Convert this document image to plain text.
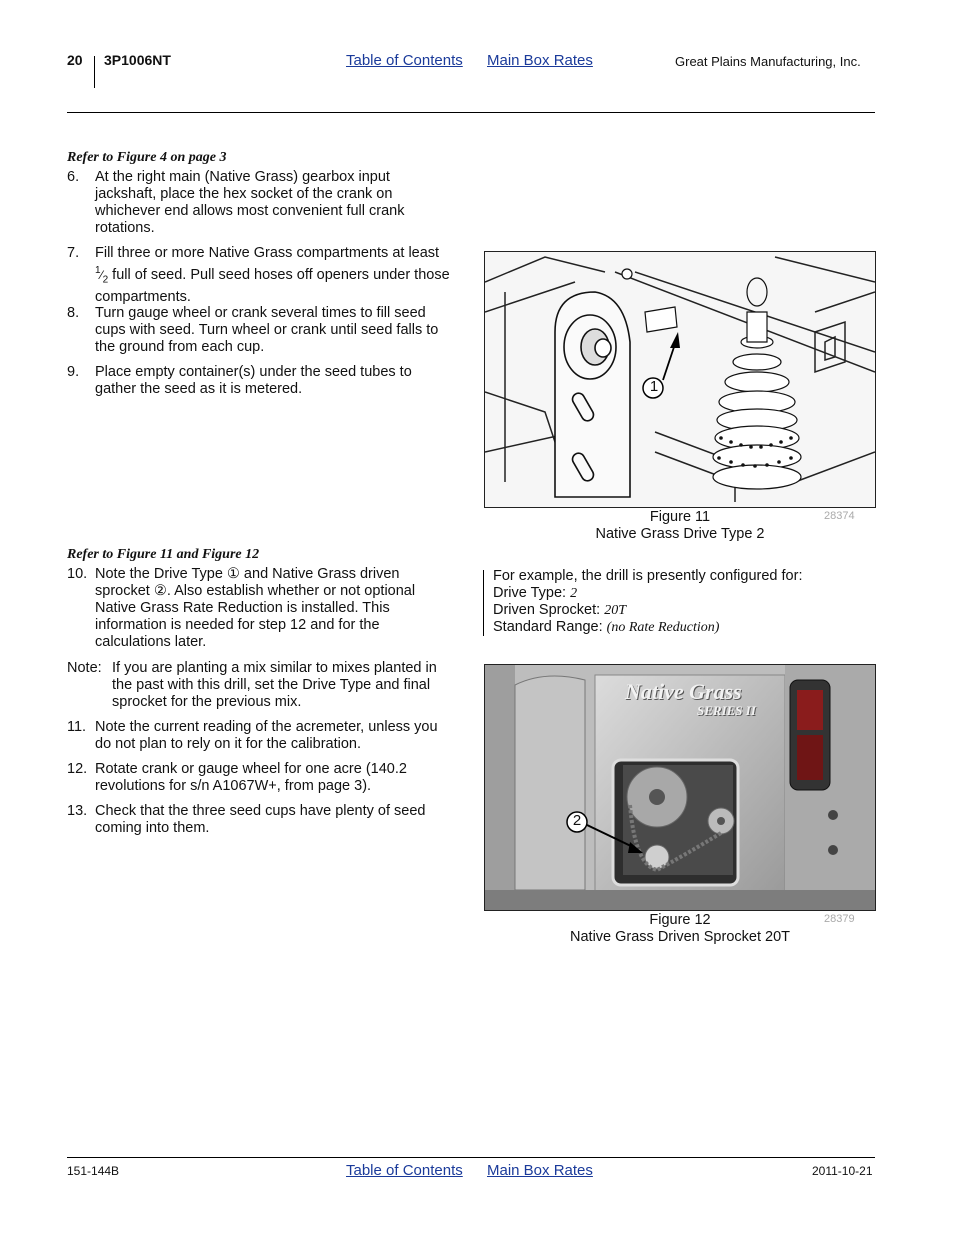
20 3P1006NT	Table of Contents Main Box Rates	Great Plains Manufacturing, Inc.
Refer to Figure 4 on page 3
6. At the right main (Native Grass) gearbox input jackshaft, place the hex socket of the crank on whichever end allows most convenient full crank rotations.
7. Fill three or more Native Grass compartments at least $^1⁄_2$ full of seed. Pull seed hoses off openers under those compartments.
8. Turn gauge wheel or crank several times to fill seed cups with seed. Turn wheel or crank until seed falls to the ground from each cup.
9. Place empty container(s) under the seed tubes to gather the seed as it is metered.	1
Figure 11
Native Grass Drive Type 2
28374
Refer to Figure 11 and Figure 12
10. Note the Drive Type ① and Native Grass driven sprocket ②. Also establish whether or not optional Native Grass Rate Reduction is installed. This information is needed for step 12 and for the calculations later.
Note: If you are planting a mix similar to mixes planted in the past with this drill, set the Drive Type and final sprocket for the previous mix.
11. Note the current reading of the acremeter, unless you do not plan to rely on it for the calibration.
12. Rotate crank or gauge wheel for one acre (140.2 revolutions for s/n A1067W+, from page 3).
13. Check that the three seed cups have plenty of seed coming into them.
For example, the drill is presently configured for:
Drive Type: 2
Driven Sprocket: 20T
Standard Range: (no Rate Reduction)
Native Grass
SERIES II
2
Figure 12
Native Grass Driven Sprocket 20T
28379
151-144B	Table of Contents Main Box Rates	2011-10-21
